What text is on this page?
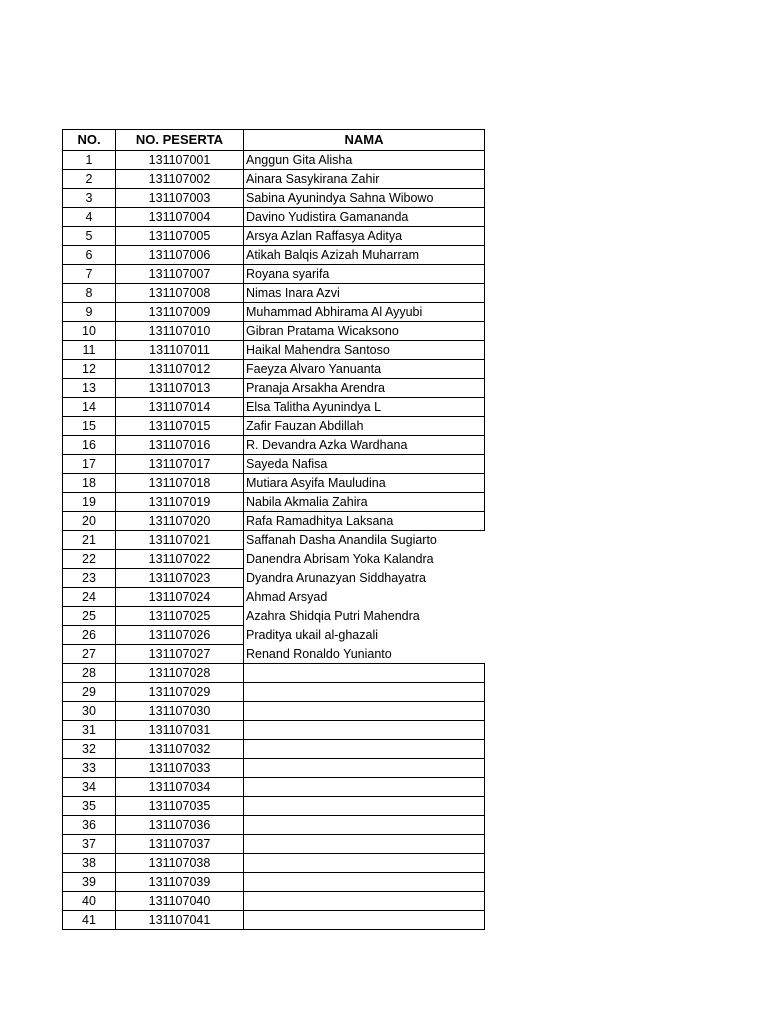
NO.	NO. PESERTA	NAMA
1	131107001	Anggun Gita Alisha
2	131107002	Ainara Sasykirana Zahir
3	131107003	Sabina Ayunindya Sahna Wibowo
4	131107004	Davino Yudistira Gamananda
5	131107005	Arsya Azlan Raffasya Aditya
6	131107006	Atikah Balqis Azizah Muharram
7	131107007	Royana syarifa
8	131107008	Nimas Inara Azvi
9	131107009	Muhammad Abhirama Al Ayyubi
10	131107010	Gibran Pratama Wicaksono
11	131107011	Haikal Mahendra Santoso
12	131107012	Faeyza Alvaro Yanuanta
13	131107013	Pranaja Arsakha Arendra
14	131107014	Elsa Talitha Ayunindya L
15	131107015	Zafir Fauzan Abdillah
16	131107016	R. Devandra Azka Wardhana
17	131107017	Sayeda Nafisa
18	131107018	Mutiara Asyifa Mauludina
19	131107019	Nabila Akmalia Zahira
20	131107020	Rafa Ramadhitya Laksana
21	131107021	Saffanah Dasha Anandila Sugiarto
22	131107022	Danendra Abrisam Yoka Kalandra
23	131107023	Dyandra Arunazyan Siddhayatra
24	131107024	Ahmad Arsyad
25	131107025	Azahra Shidqia Putri Mahendra
26	131107026	Praditya ukail al-ghazali
27	131107027	Renand Ronaldo Yunianto
28	131107028	
29	131107029	
30	131107030	
31	131107031	
32	131107032	
33	131107033	
34	131107034	
35	131107035	
36	131107036	
37	131107037	
38	131107038	
39	131107039	
40	131107040	
41	131107041	
